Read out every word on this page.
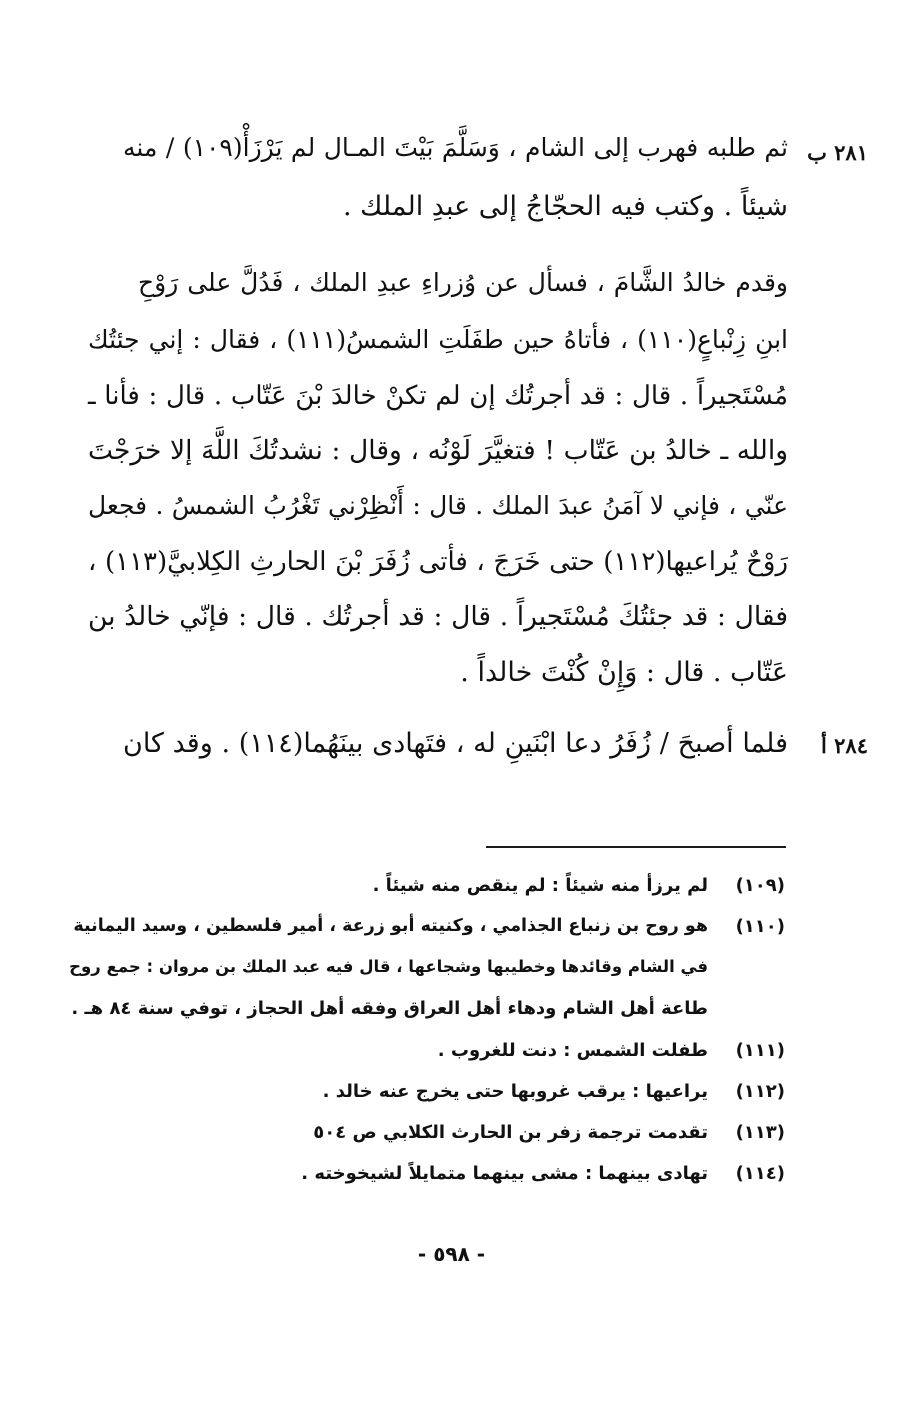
٢٨١ ب
٢٨٤ أ
ثم طلبه فهرب إلى الشام ، وَسَلَّمَ بَيْتَ المـال لم يَرْزَأْ(١٠٩) / منه
شيئاً . وكتب فيه الحجّاجُ إلى عبدِ الملك .
وقدم خالدُ الشَّامَ ، فسأل عن وُزراءِ عبدِ الملك ، فَدُلَّ على رَوْحِ
ابنِ زِنْباعٍ(١١٠) ، فأتاهُ حين طفَلَتِ الشمسُ(١١١) ، فقال : إني جئتُك
مُسْتَجيراً . قال : قد أجرتُك إن لم تكنْ خالدَ بْنَ عَتّاب . قال : فأنا ـ
والله ـ خالدُ بن عَتّاب ! فتغيَّرَ لَوْنُه ، وقال : نشدتُكَ اللَّهَ إلا خرَجْتَ
عنّي ، فإني لا آمَنُ عبدَ الملك . قال : أَنْظِرْني تَغْرُبُ الشمسُ . فجعل
رَوْحٌ يُراعيها(١١٢) حتى خَرَجَ ، فأتى زُفَرَ بْنَ الحارثِ الكِلابيَّ(١١٣) ،
فقال : قد جئتُكَ مُسْتَجيراً . قال : قد أجرتُك . قال : فإنّي خالدُ بن
عَتّاب . قال : وَإِنْ كُنْتَ خالداً .
فلما أصبحَ / زُفَرُ دعا ابْنَينِ له ، فتَهادى بينَهُما(١١٤) . وقد كان
(١٠٩)
لم يرزأ منه شيئاً : لم ينقص منه شيئاً .
(١١٠)
هو روح بن زنباع الجذامي ، وكنيته أبو زرعة ، أمير فلسطين ، وسيد اليمانية
في الشام وقائدها وخطيبها وشجاعها ، قال فيه عبد الملك بن مروان : جمع روح
طاعة أهل الشام ودهاء أهل العراق وفقه أهل الحجاز ، توفي سنة ٨٤ هـ .
(١١١)
طفلت الشمس : دنت للغروب .
(١١٢)
يراعيها : يرقب غروبها حتى يخرج عنه خالد .
(١١٣)
تقدمت ترجمة زفر بن الحارث الكلابي ص ٥٠٤
(١١٤)
تهادى بينهما : مشى بينهما متمايلاً لشيخوخته .
- ٥٩٨ -
